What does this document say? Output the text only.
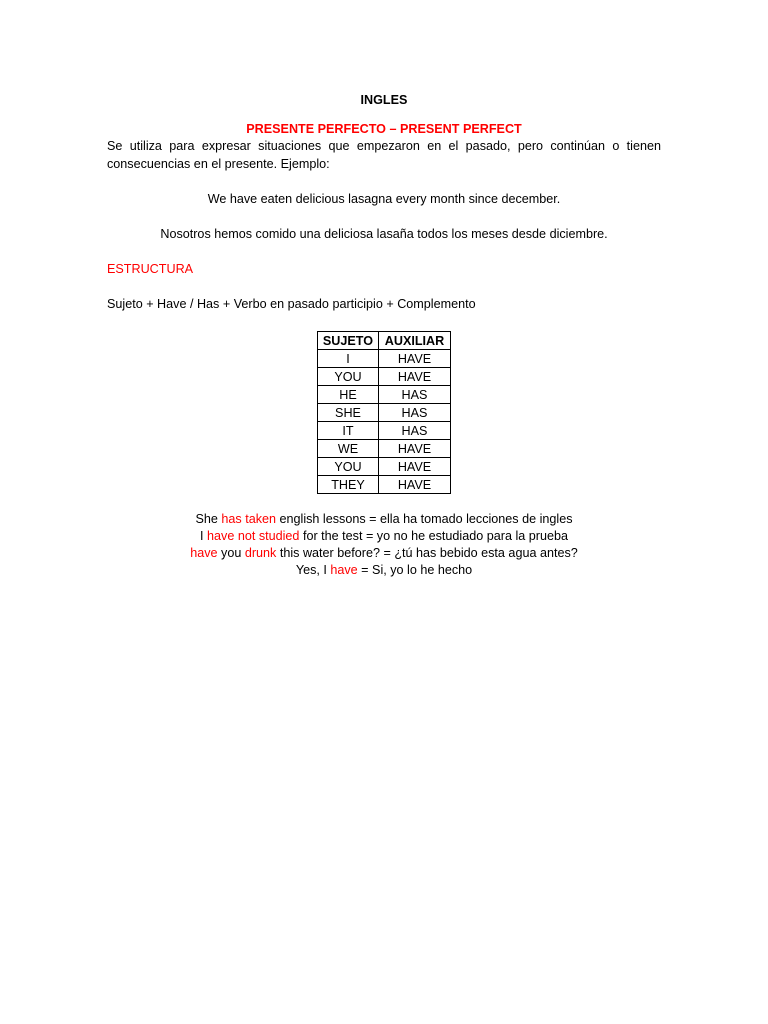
INGLES

PRESENTE PERFECTO – PRESENT PERFECT

Se utiliza para expresar situaciones que empezaron en el pasado, pero continúan o tienen consecuencias en el presente. Ejemplo:

We have eaten delicious lasagna every month since december.

Nosotros hemos comido una deliciosa lasaña todos los meses desde diciembre.

ESTRUCTURA

Sujeto + Have / Has + Verbo en pasado participio + Complemento

SUJETO	AUXILIAR
I	HAVE
YOU	HAVE
HE	HAS
SHE	HAS
IT	HAS
WE	HAVE
YOU	HAVE
THEY	HAVE

She has taken english lessons = ella ha tomado lecciones de ingles

I have not studied for the test = yo no he estudiado para la prueba

have you drunk this water before? = ¿tú has bebido esta agua antes?

Yes, I have = Si, yo lo he hecho
